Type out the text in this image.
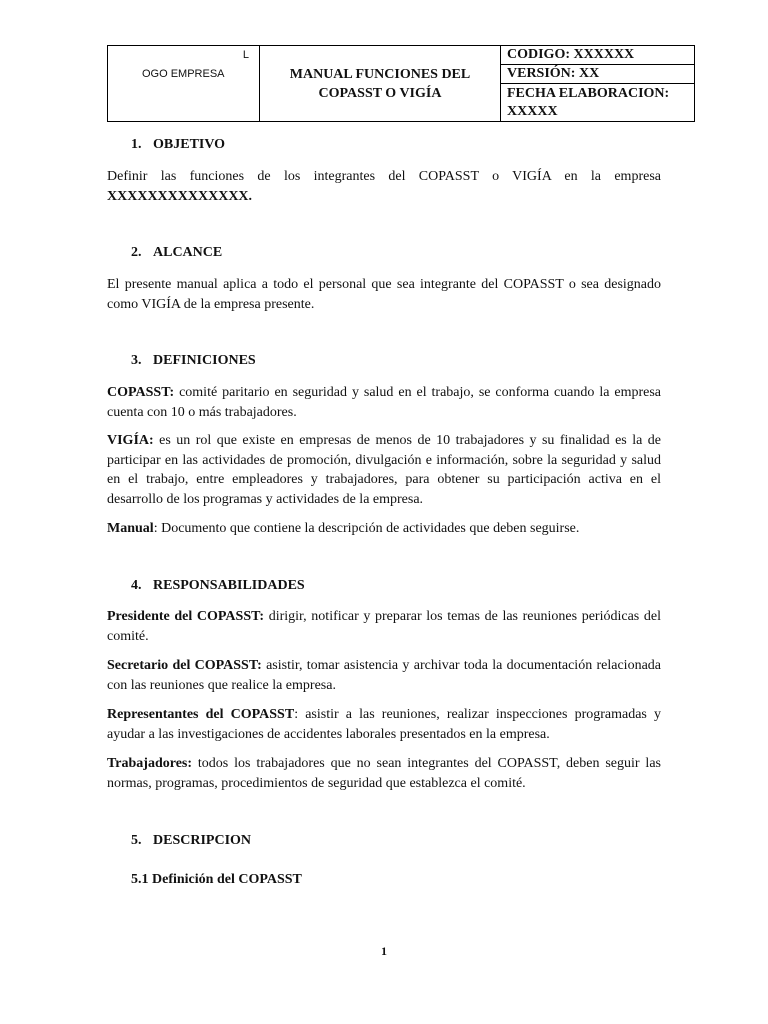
L
OGO EMPRESA	MANUAL FUNCIONES DEL
COPASST O VIGÍA
	CODIGO: XXXXXX
VERSIÓN: XX

FECHA ELABORACION:
XXXXX
1. OBJETIVO
Definir las funciones de los integrantes del COPASST o VIGÍA en la empresa
XXXXXXXXXXXXXX.
2. ALCANCE
El presente manual aplica a todo el personal que sea integrante del COPASST o sea designado como VIGÍA de la empresa presente.
3. DEFINICIONES
COPASST: comité paritario en seguridad y salud en el trabajo, se conforma cuando la empresa cuenta con 10 o más trabajadores.
VIGÍA: es un rol que existe en empresas de menos de 10 trabajadores y su finalidad es la de participar en las actividades de promoción, divulgación e información, sobre la seguridad y salud en el trabajo, entre empleadores y trabajadores, para obtener su participación activa en el desarrollo de los programas y actividades de la empresa.
Manual: Documento que contiene la descripción de actividades que deben seguirse.
4. RESPONSABILIDADES
Presidente del COPASST: dirigir, notificar y preparar los temas de las reuniones periódicas del comité.
Secretario del COPASST: asistir, tomar asistencia y archivar toda la documentación relacionada con las reuniones que realice la empresa.
Representantes del COPASST: asistir a las reuniones, realizar inspecciones programadas y ayudar a las investigaciones de accidentes laborales presentados en la empresa.
Trabajadores: todos los trabajadores que no sean integrantes del COPASST, deben seguir las normas, programas, procedimientos de seguridad que establezca el comité.
5. DESCRIPCION
5.1 Definición del COPASST
1
